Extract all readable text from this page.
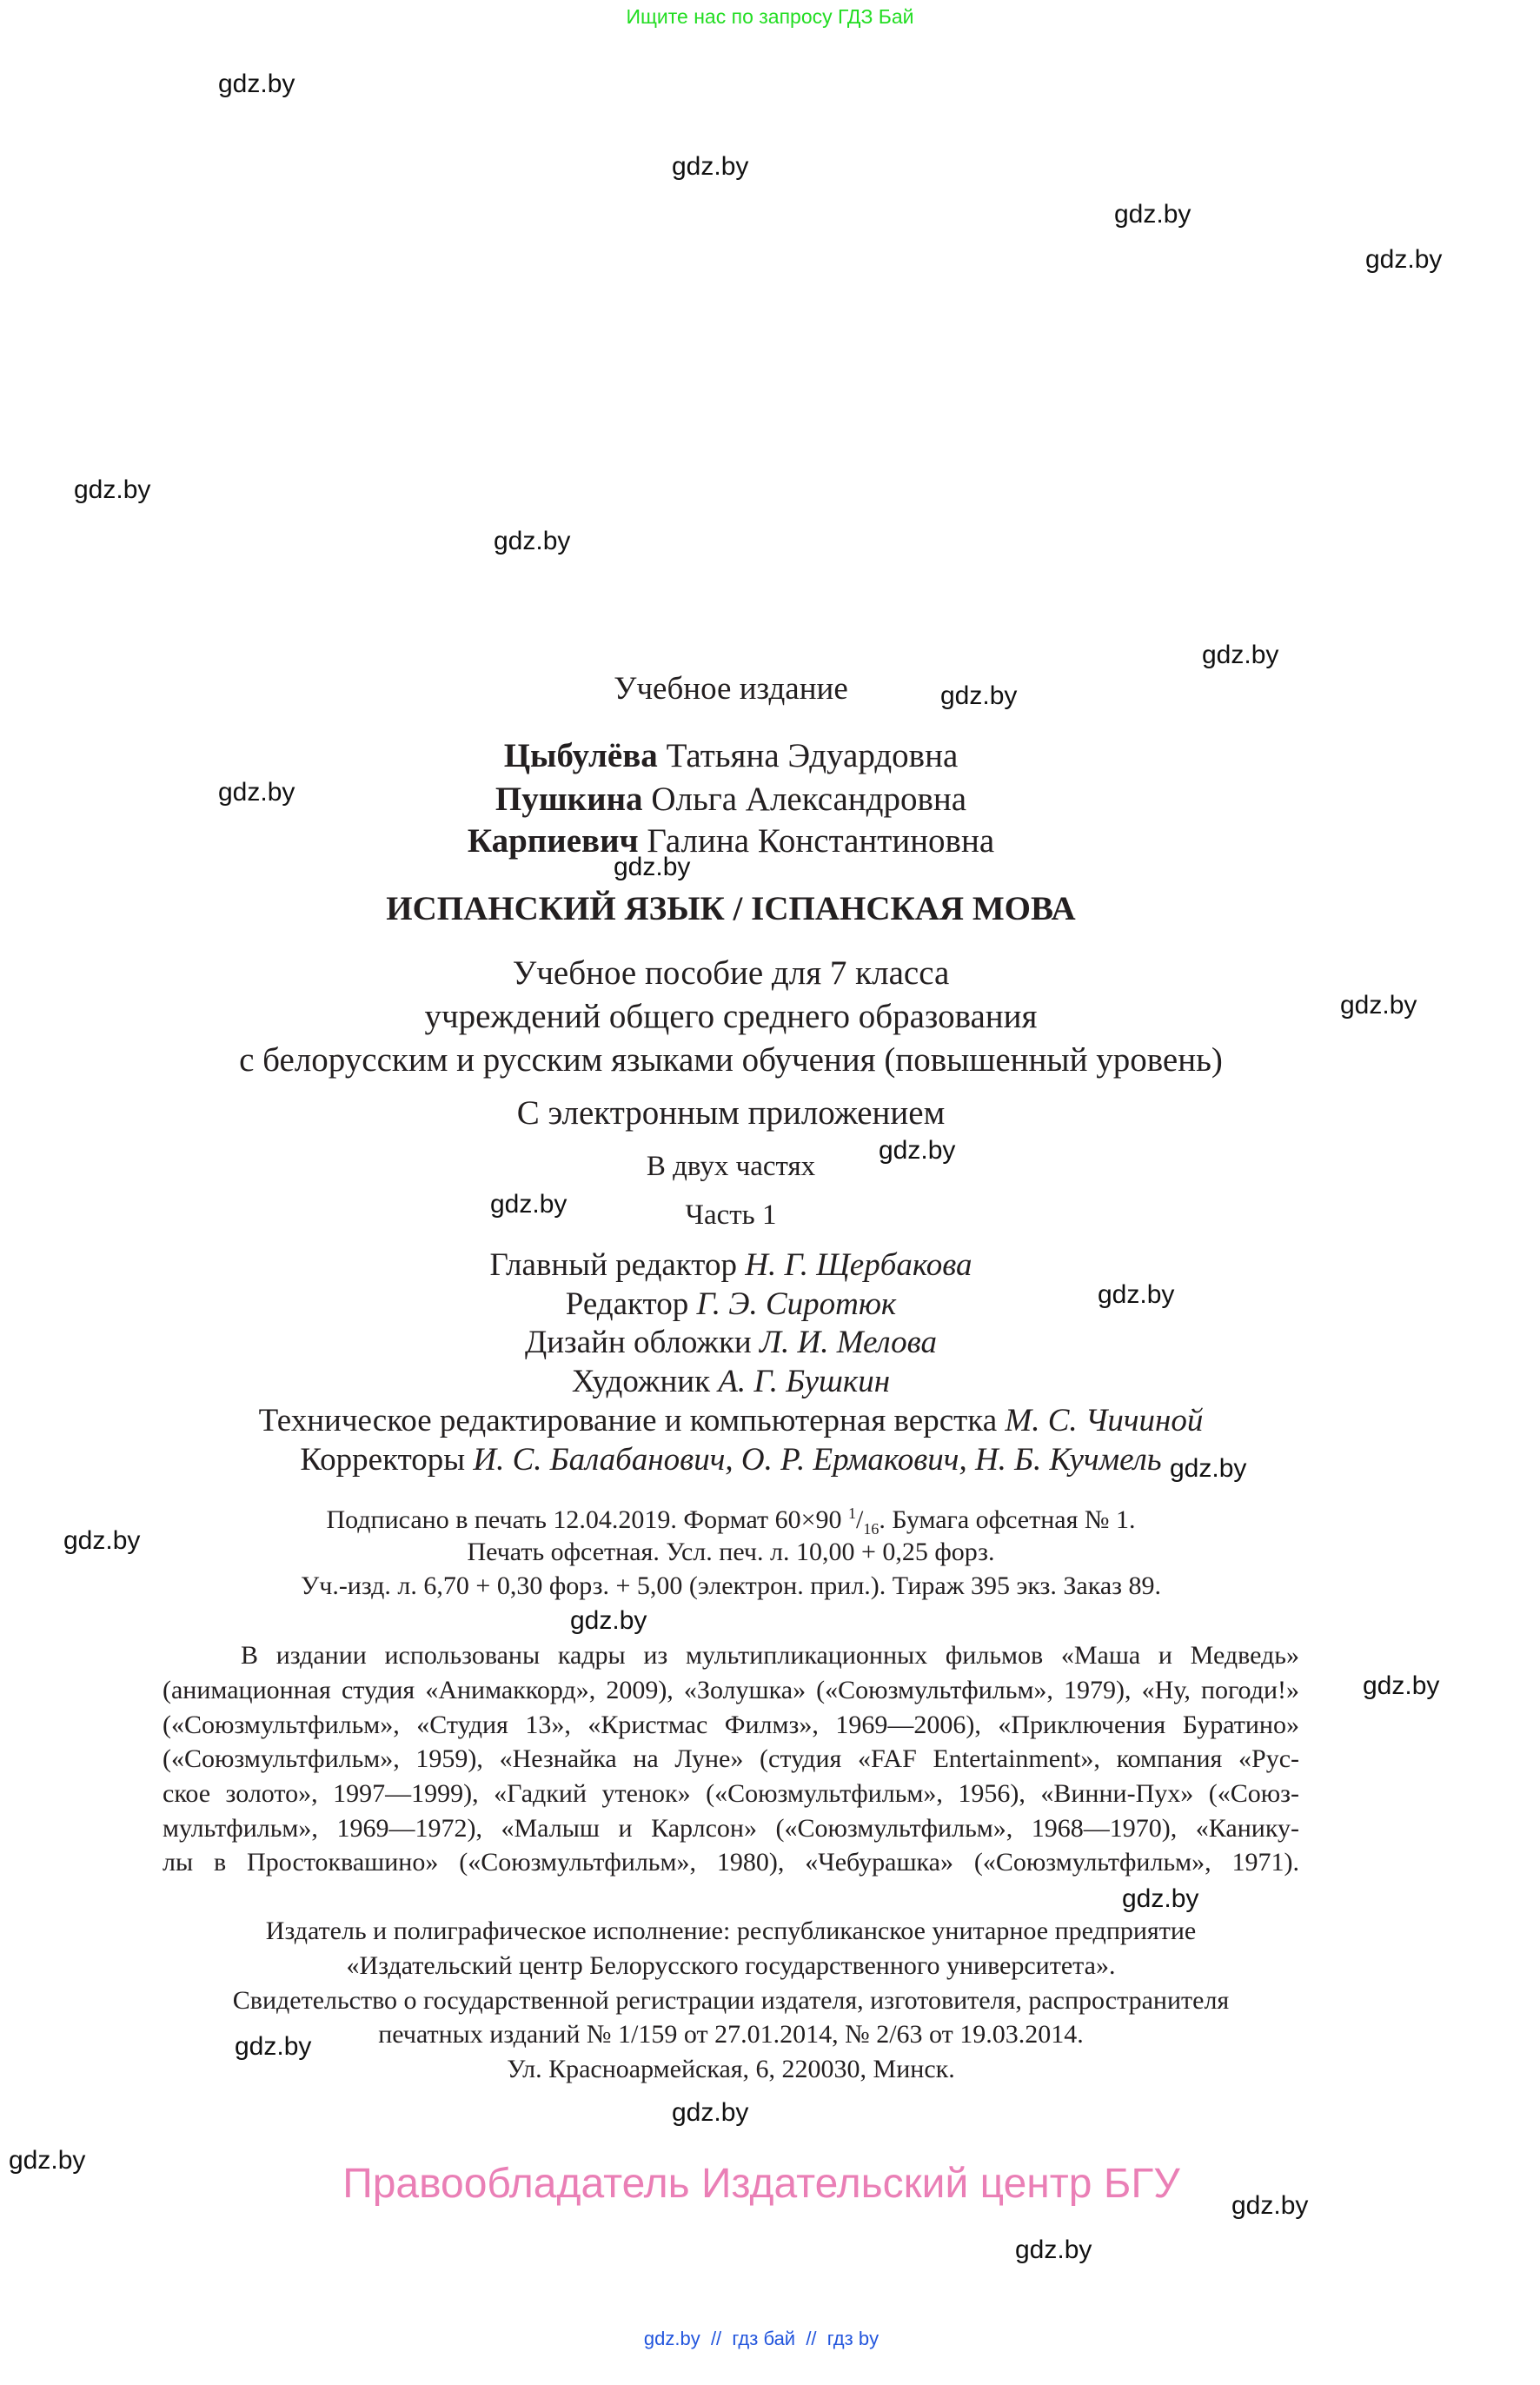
Ищите нас по запросу ГДЗ Бай
gdz.by
gdz.by
gdz.by
gdz.by
gdz.by
gdz.by
gdz.by
gdz.by
gdz.by
gdz.by
gdz.by
gdz.by
gdz.by
gdz.by
gdz.by
gdz.by
gdz.by
gdz.by
gdz.by
gdz.by
gdz.by
gdz.by
gdz.by
gdz.by
Учебное издание
Цыбулёва Татьяна Эдуардовна
Пушкина Ольга Александровна
Карпиевич Галина Константиновна
ИСПАНСКИЙ ЯЗЫК / ІСПАНСКАЯ МОВА
Учебное пособие для 7 класса
учреждений общего среднего образования
с белорусским и русским языками обучения (повышенный уровень)
С электронным приложением
В двух частях
Часть 1
Главный редактор Н. Г. Щербакова
Редактор Г. Э. Сиротюк
Дизайн обложки Л. И. Мелова
Художник А. Г. Бушкин
Техническое редактирование и компьютерная верстка М. С. Чичиной
Корректоры И. С. Балабанович, О. Р. Ермакович, Н. Б. Кучмель
Подписано в печать 12.04.2019. Формат 60×90 $^1/_{16}$. Бумага офсетная № 1.
Печать офсетная. Усл. печ. л. 10,00 + 0,25 форз.
Уч.-изд. л. 6,70 + 0,30 форз. + 5,00 (электрон. прил.). Тираж 395 экз. Заказ 89.
В издании использованы кадры из мультипликационных фильмов «Маша и Медведь»
(анимационная студия «Анимаккорд», 2009), «Золушка» («Союзмультфильм», 1979), «Ну, погоди!»
(«Союзмультфильм», «Студия 13», «Кристмас Филмз», 1969—2006), «Приключения Буратино»
(«Союзмультфильм», 1959), «Незнайка на Луне» (студия «FAF Entertainment», компания «Рус-
ское золото», 1997—1999), «Гадкий утенок» («Союзмультфильм», 1956), «Винни-Пух» («Союз-
мультфильм», 1969—1972), «Малыш и Карлсон» («Союзмультфильм», 1968—1970), «Канику-
лы в Простоквашино» («Союзмультфильм», 1980), «Чебурашка» («Союзмультфильм», 1971).
Издатель и полиграфическое исполнение: республиканское унитарное предприятие
«Издательский центр Белорусского государственного университета».
Свидетельство о государственной регистрации издателя, изготовителя, распространителя
печатных изданий № 1/159 от 27.01.2014, № 2/63 от 19.03.2014.
Ул. Красноармейская, 6, 220030, Минск.
Правообладатель Издательский центр БГУ
gdz.by  //  гдз бай  //  гдз by
